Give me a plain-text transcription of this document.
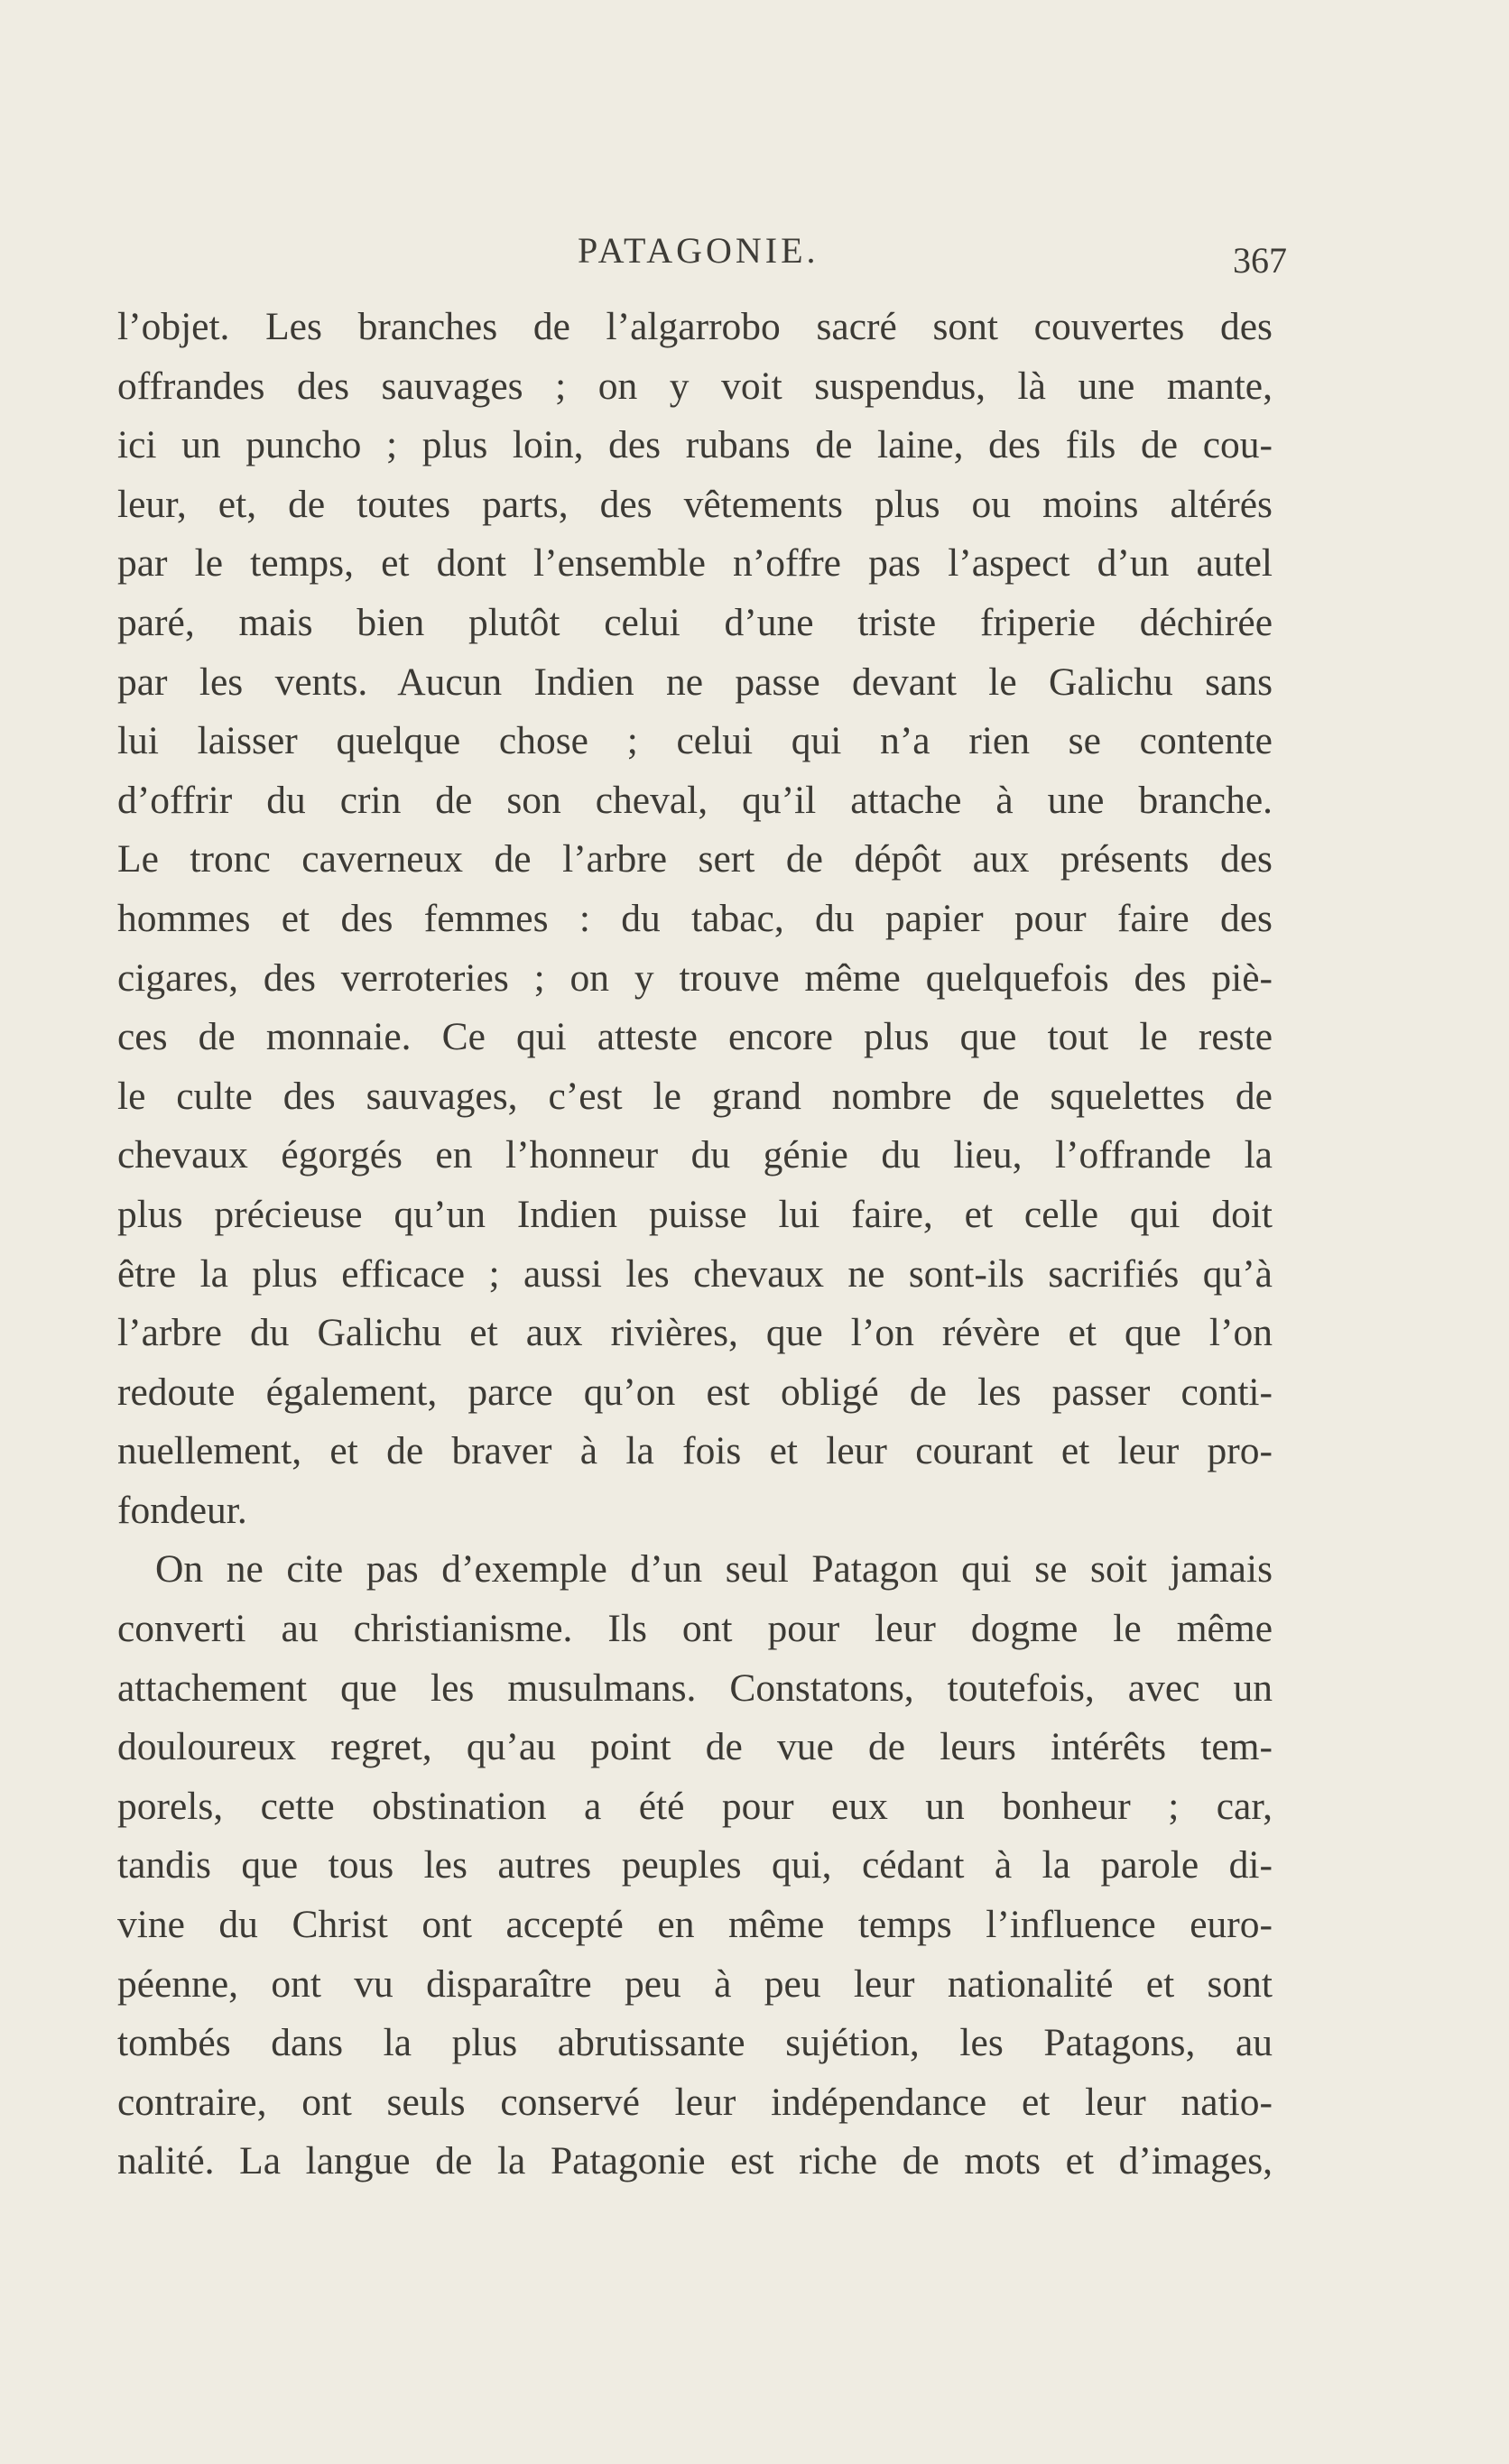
PATAGONIE.	367
l’objet. Les branches de l’algarrobo sacré sont couvertes des
offrandes des sauvages ; on y voit suspendus, là une mante,
ici un puncho ; plus loin, des rubans de laine, des fils de cou-
leur, et, de toutes parts, des vêtements plus ou moins altérés
par le temps, et dont l’ensemble n’offre pas l’aspect d’un autel
paré, mais bien plutôt celui d’une triste friperie déchirée
par les vents. Aucun Indien ne passe devant le Galichu sans
lui laisser quelque chose ; celui qui n’a rien se contente
d’offrir du crin de son cheval, qu’il attache à une branche.
Le tronc caverneux de l’arbre sert de dépôt aux présents des
hommes et des femmes : du tabac, du papier pour faire des
cigares, des verroteries ; on y trouve même quelquefois des piè-
ces de monnaie. Ce qui atteste encore plus que tout le reste
le culte des sauvages, c’est le grand nombre de squelettes de
chevaux égorgés en l’honneur du génie du lieu, l’offrande la
plus précieuse qu’un Indien puisse lui faire, et celle qui doit
être la plus efficace ; aussi les chevaux ne sont-ils sacrifiés qu’à
l’arbre du Galichu et aux rivières, que l’on révère et que l’on
redoute également, parce qu’on est obligé de les passer conti-
nuellement, et de braver à la fois et leur courant et leur pro-
fondeur.
On ne cite pas d’exemple d’un seul Patagon qui se soit jamais
converti au christianisme. Ils ont pour leur dogme le même
attachement que les musulmans. Constatons, toutefois, avec un
douloureux regret, qu’au point de vue de leurs intérêts tem-
porels, cette obstination a été pour eux un bonheur ; car,
tandis que tous les autres peuples qui, cédant à la parole di-
vine du Christ ont accepté en même temps l’influence euro-
péenne, ont vu disparaître peu à peu leur nationalité et sont
tombés dans la plus abrutissante sujétion, les Patagons, au
contraire, ont seuls conservé leur indépendance et leur natio-
nalité. La langue de la Patagonie est riche de mots et d’images,
